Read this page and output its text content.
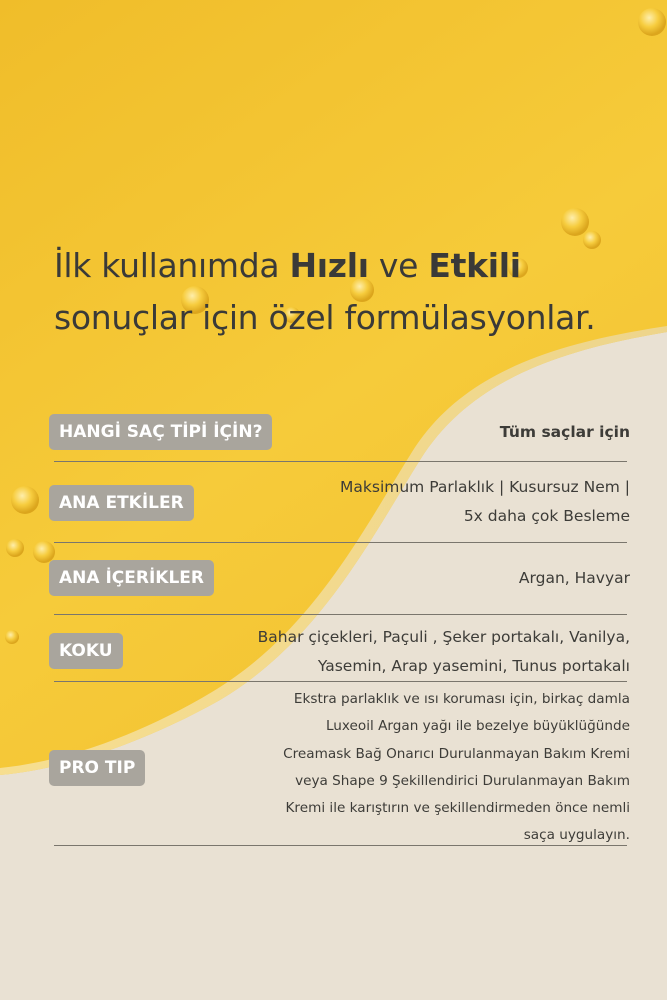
İlk kullanımda Hızlı ve Etkili
sonuçlar için özel formülasyonlar.
HANGİ SAÇ TİPİ İÇİN?	Tüm saçlar için
ANA ETKİLER
Maksimum Parlaklık | Kusursuz Nem |
5x daha çok Besleme
ANA İÇERİKLER	Argan, Havyar
KOKU
Bahar çiçekleri, Paçuli , Şeker portakalı, Vanilya,
Yasemin, Arap yasemini, Tunus portakalı
PRO TIP
Ekstra parlaklık ve ısı koruması için, birkaç damla
Luxeoil Argan yağı ile bezelye büyüklüğünde
Creamask Bağ Onarıcı Durulanmayan Bakım Kremi
veya Shape 9 Şekillendirici Durulanmayan Bakım
Kremi ile karıştırın ve şekillendirmeden önce nemli
saça uygulayın.
